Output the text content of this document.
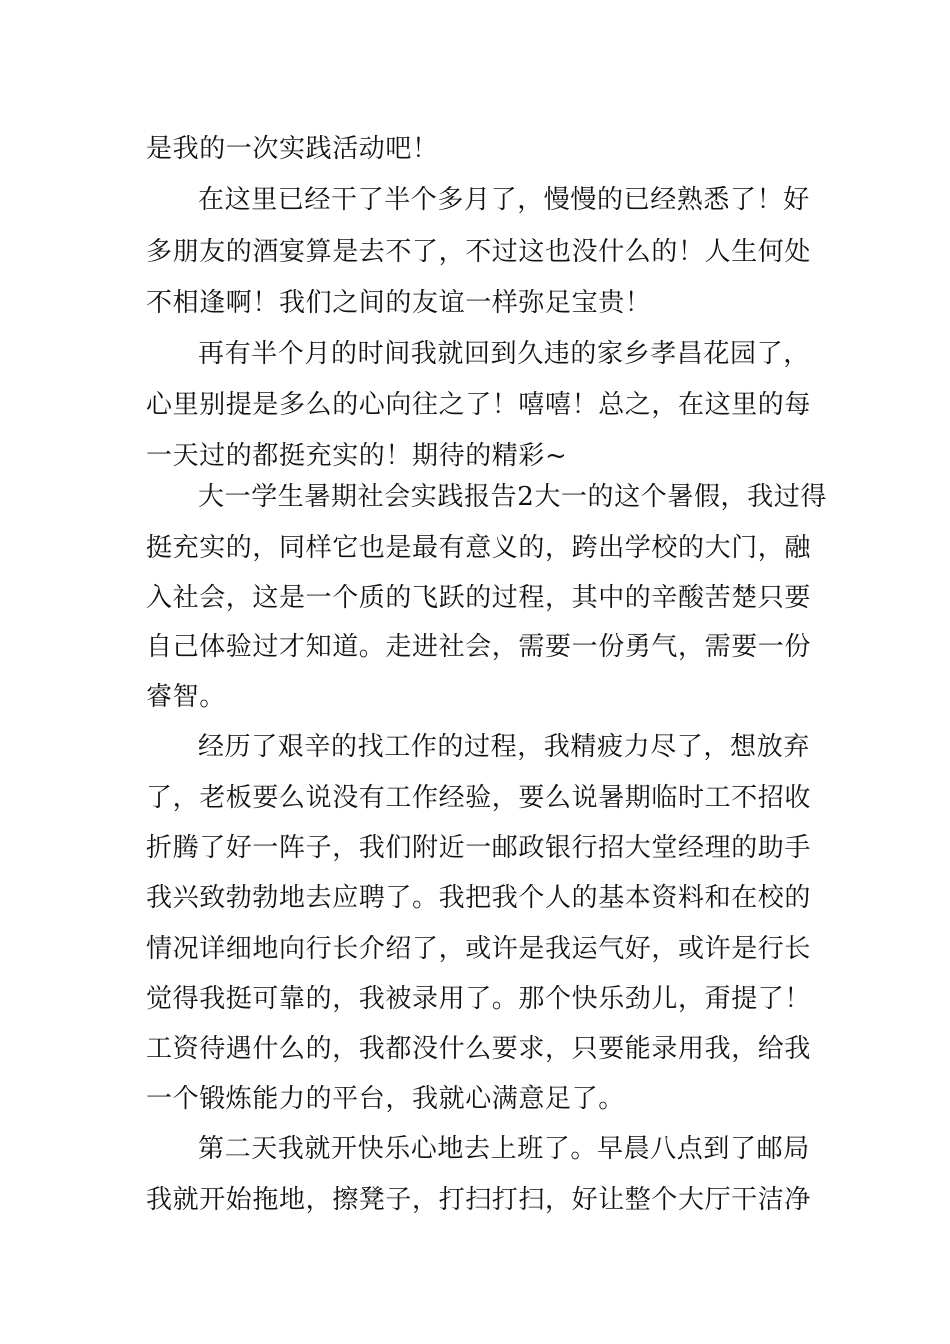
是我的一次实践活动吧！
在这里已经干了半个多月了，慢慢的已经熟悉了！好
多朋友的酒宴算是去不了，不过这也没什么的！人生何处
不相逢啊！我们之间的友谊一样弥足宝贵！
再有半个月的时间我就回到久违的家乡孝昌花园了，
心里别提是多么的心向往之了！嘻嘻！总之，在这里的每
一天过的都挺充实的！期待的精彩~
大一学生暑期社会实践报告2大一的这个暑假，我过得
挺充实的，同样它也是最有意义的，跨出学校的大门，融
入社会，这是一个质的飞跃的过程，其中的辛酸苦楚只要
自己体验过才知道。走进社会，需要一份勇气，需要一份
睿智。
经历了艰辛的找工作的过程，我精疲力尽了，想放弃
了，老板要么说没有工作经验，要么说暑期临时工不招收
折腾了好一阵子，我们附近一邮政银行招大堂经理的助手
我兴致勃勃地去应聘了。我把我个人的基本资料和在校的
情况详细地向行长介绍了，或许是我运气好，或许是行长
觉得我挺可靠的，我被录用了。那个快乐劲儿，甭提了！
工资待遇什么的，我都没什么要求，只要能录用我，给我
一个锻炼能力的平台，我就心满意足了。
第二天我就开快乐心地去上班了。早晨八点到了邮局
我就开始拖地，擦凳子，打扫打扫，好让整个大厅干洁净
